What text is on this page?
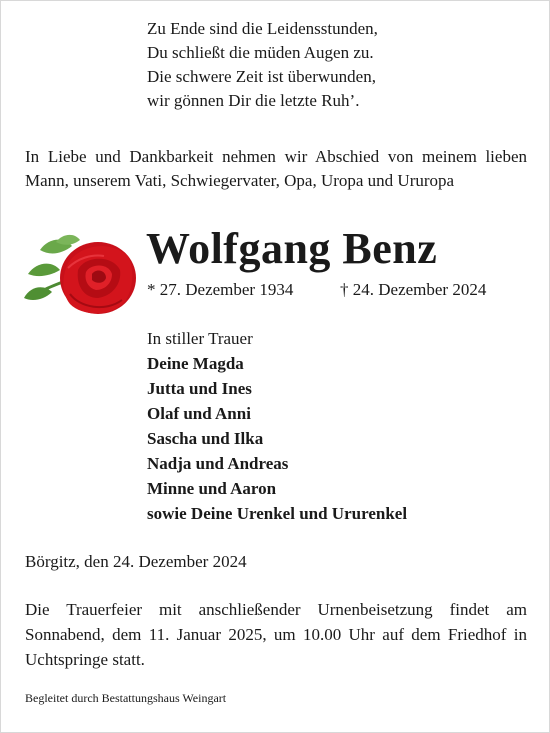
Zu Ende sind die Leidensstunden,
Du schließt die müden Augen zu.
Die schwere Zeit ist überwunden,
wir gönnen Dir die letzte Ruh’.
In Liebe und Dankbarkeit nehmen wir Abschied von meinem lieben Mann, unserem Vati, Schwiegervater, Opa, Uropa und Ururopa
Wolfgang Benz
* 27. Dezember 1934	† 24. Dezember 2024
In stiller Trauer
Deine Magda
Jutta und Ines
Olaf und Anni
Sascha und Ilka
Nadja und Andreas
Minne und Aaron
sowie Deine Urenkel und Ururenkel
Börgitz, den 24. Dezember 2024
Die Trauerfeier mit anschließender Urnenbeisetzung findet am Sonnabend, dem 11. Januar 2025, um 10.00 Uhr auf dem Friedhof in Uchtspringe statt.
Begleitet durch Bestattungshaus Weingart
